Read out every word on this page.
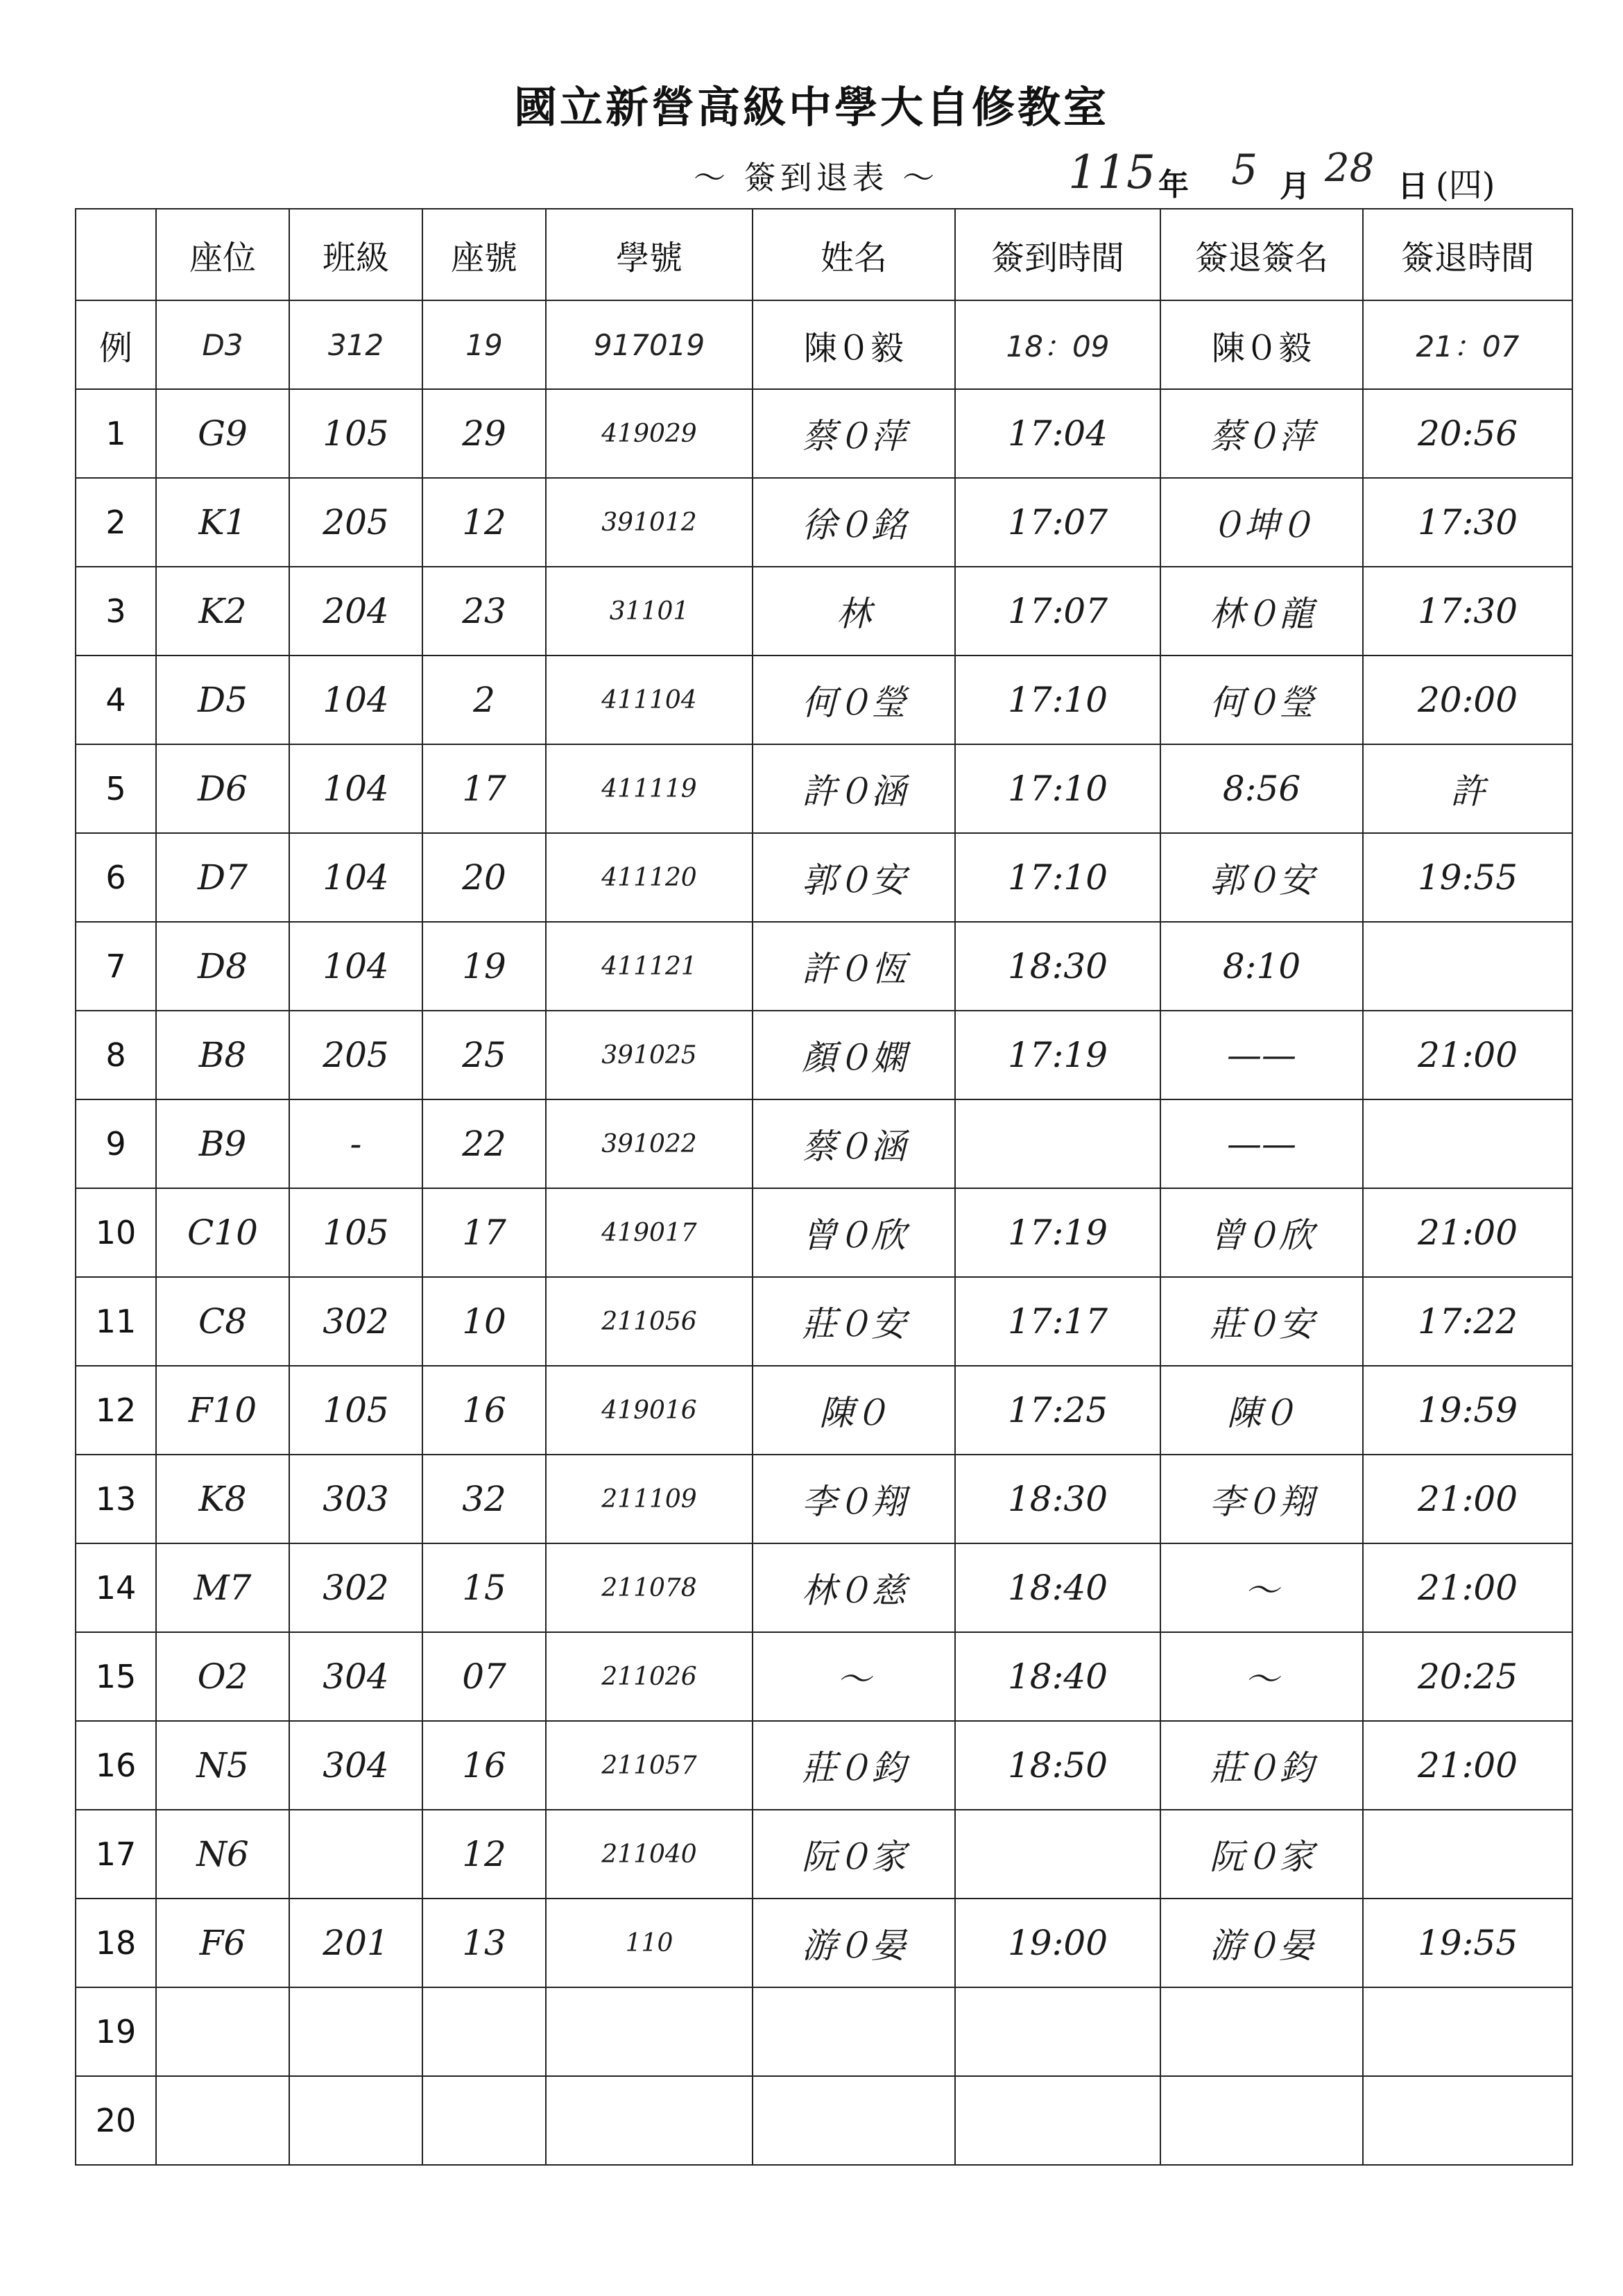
國立新營高級中學大自修教室
～ 簽到退表 ～	115 年 5 月 28 日 (四)
	座位	班級	座號	學號	姓名	簽到時間	簽退簽名	簽退時間
例	D3	312	19	917019	陳０毅	18：09	陳０毅	21：07
1	G9	105	29	419029	蔡０萍	17:04	蔡０萍	20:56
2	K1	205	12	391012	徐０銘	17:07	０坤０	17:30
3	K2	204	23	31101	林	17:07	林０龍	17:30
4	D5	104	2	411104	何０瑩	17:10	何０瑩	20:00
5	D6	104	17	411119	許０涵	17:10	8:56	許
6	D7	104	20	411120	郭０安	17:10	郭０安	19:55
7	D8	104	19	411121	許０恆	18:30	8:10	
8	B8	205	25	391025	顏０嫻	17:19	——	21:00
9	B9	-	22	391022	蔡０涵		——	
10	C10	105	17	419017	曾０欣	17:19	曾０欣	21:00
11	C8	302	10	211056	莊０安	17:17	莊０安	17:22
12	F10	105	16	419016	陳０	17:25	陳０	19:59
13	K8	303	32	211109	李０翔	18:30	李０翔	21:00
14	M7	302	15	211078	林０慈	18:40	～	21:00
15	O2	304	07	211026	～	18:40	～	20:25
16	N5	304	16	211057	莊０鈞	18:50	莊０鈞	21:00
17	N6		12	211040	阮０家		阮０家	
18	F6	201	13	110	游０晏	19:00	游０晏	19:55
19								
20								
